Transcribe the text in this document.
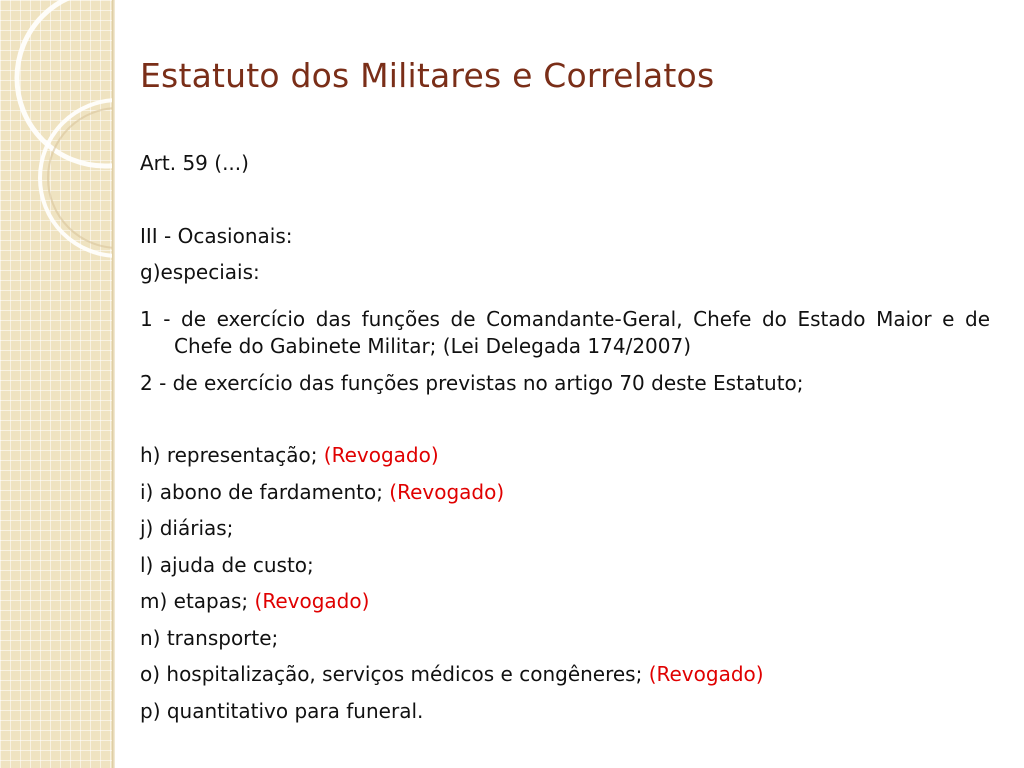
Estatuto dos Militares e Correlatos

Art. 59 (...)

III - Ocasionais:

g)especiais:

1 - de exercício das funções de Comandante-Geral, Chefe do Estado Maior e de Chefe do Gabinete Militar; (Lei Delegada 174/2007)

2 - de exercício das funções previstas no artigo 70 deste Estatuto;

h) representação; (Revogado)

i) abono de fardamento; (Revogado)

j) diárias;

l) ajuda de custo;

m) etapas; (Revogado)

n) transporte;

o) hospitalização, serviços médicos e congêneres; (Revogado)

p) quantitativo para funeral.
